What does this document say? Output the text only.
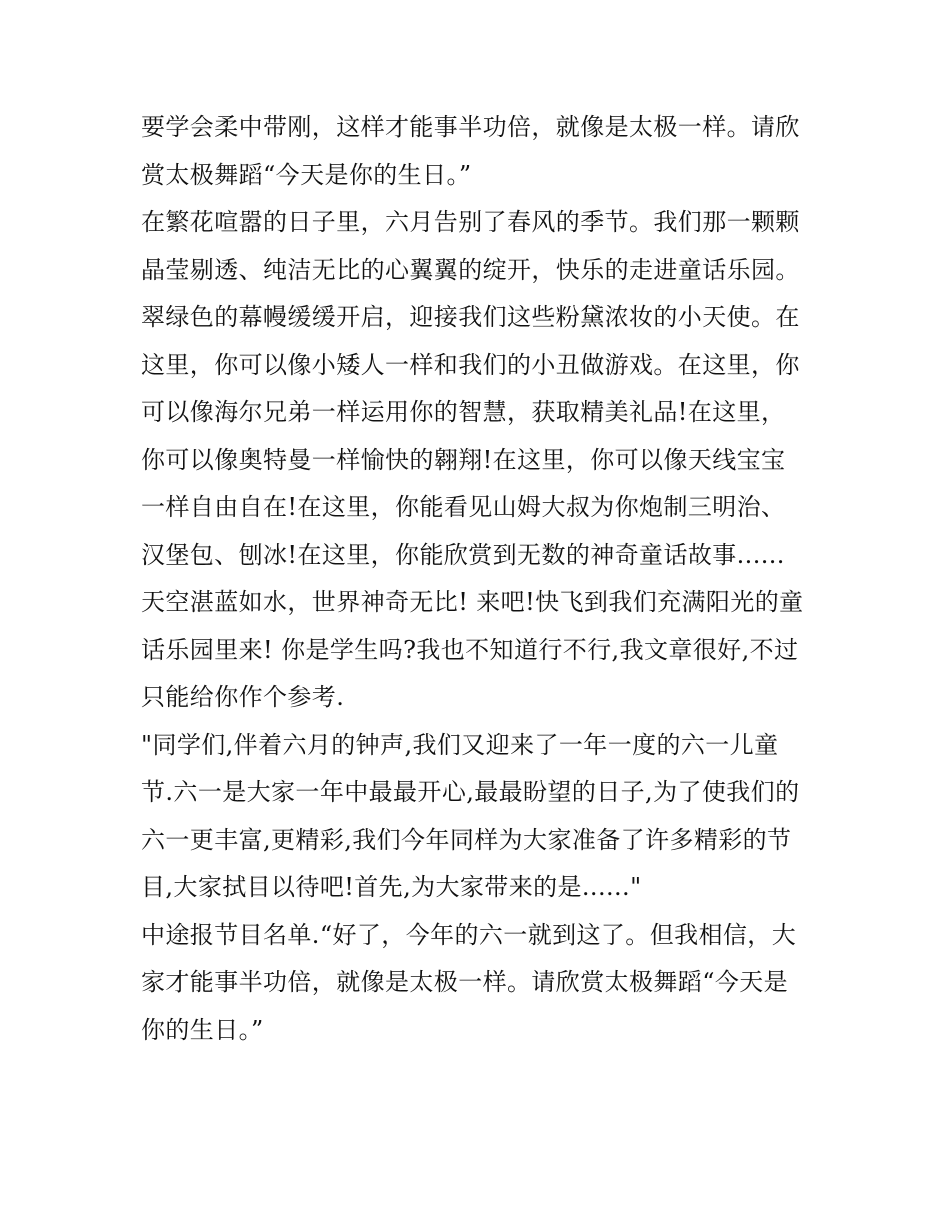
要学会柔中带刚，这样才能事半功倍，就像是太极一样。请欣
赏太极舞蹈“今天是你的生日。”
在繁花喧嚣的日子里，六月告别了春风的季节。我们那一颗颗
晶莹剔透、纯洁无比的心翼翼的绽开，快乐的走进童话乐园。
翠绿色的幕幔缓缓开启，迎接我们这些粉黛浓妆的小天使。在
这里，你可以像小矮人一样和我们的小丑做游戏。在这里，你
可以像海尔兄弟一样运用你的智慧，获取精美礼品!在这里，
你可以像奥特曼一样愉快的翱翔!在这里，你可以像天线宝宝
一样自由自在!在这里，你能看见山姆大叔为你炮制三明治、
汉堡包、刨冰!在这里，你能欣赏到无数的神奇童话故事......
天空湛蓝如水，世界神奇无比! 来吧!快飞到我们充满阳光的童
话乐园里来! 你是学生吗?我也不知道行不行,我文章很好,不过
只能给你作个参考.
"同学们,伴着六月的钟声,我们又迎来了一年一度的六一儿童
节.六一是大家一年中最最开心,最最盼望的日子,为了使我们的
六一更丰富,更精彩,我们今年同样为大家准备了许多精彩的节
目,大家拭目以待吧!首先,为大家带来的是......"
中途报节目名单.“好了，今年的六一就到这了。但我相信，大
家才能事半功倍，就像是太极一样。请欣赏太极舞蹈“今天是
你的生日。”
